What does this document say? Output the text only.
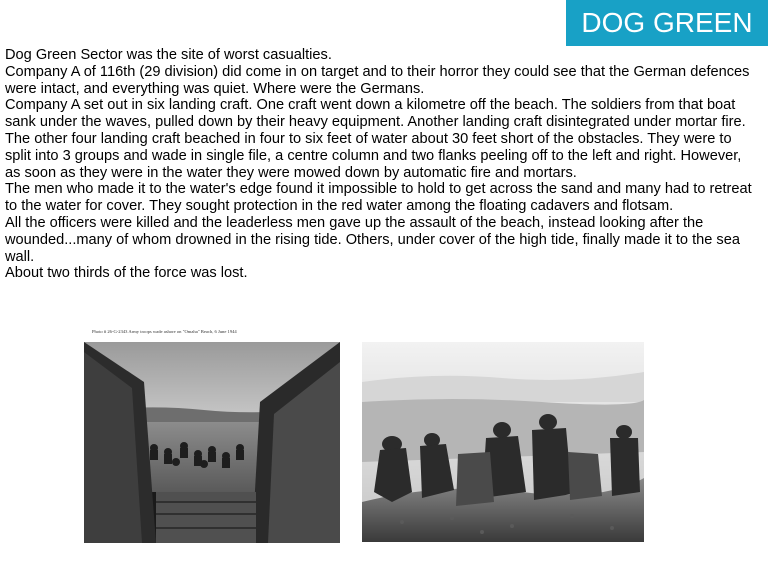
DOG GREEN

Dog Green Sector was the site of worst casualties.

Company A of 116th (29 division) did come in on target and to their horror they could see that the German defences were intact, and everything was quiet. Where were the Germans.

Company A set out in six landing craft. One craft went down a kilometre off the beach. The soldiers from that boat sank under the waves, pulled down by their heavy equipment. Another landing craft disintegrated under mortar fire.

The other four landing craft beached in four to six feet of water about 30 feet short of the obstacles. They were to split into 3 groups and wade in single file, a centre column and two flanks peeling off to the left and right. However, as soon as they were in the water they were mowed down by automatic fire and mortars.

The men who made it to the water's edge found it impossible to hold to get across the sand and many had to retreat to the water for cover. They sought protection in the red water among the floating cadavers and flotsam.

All the officers were killed and the leaderless men gave up the assault of the beach, instead looking after the wounded...many of whom drowned in the rising tide. Others, under cover of the high tide, finally made it to the sea wall.

About two thirds of the force was lost.

Photo # 26-G-2343 Army troops wade ashore on "Omaha" Beach, 6 June 1944
